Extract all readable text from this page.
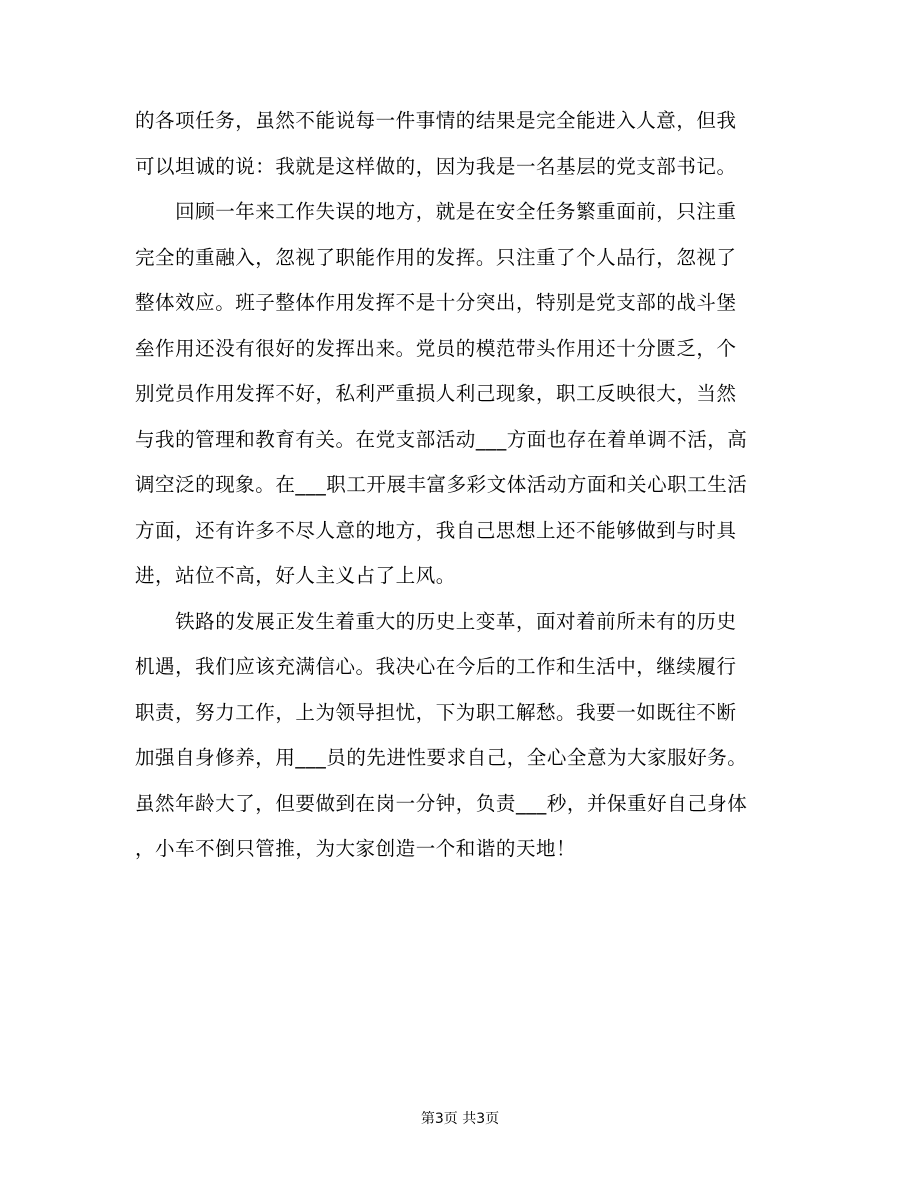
的各项任务，虽然不能说每一件事情的结果是完全能进入人意，但我
可以坦诚的说：我就是这样做的，因为我是一名基层的党支部书记。
　　回顾一年来工作失误的地方，就是在安全任务繁重面前，只注重
完全的重融入，忽视了职能作用的发挥。只注重了个人品行，忽视了
整体效应。班子整体作用发挥不是十分突出，特别是党支部的战斗堡
垒作用还没有很好的发挥出来。党员的模范带头作用还十分匮乏，个
别党员作用发挥不好，私利严重损人利己现象，职工反映很大，当然
与我的管理和教育有关。在党支部活动___方面也存在着单调不活，高
调空泛的现象。在___职工开展丰富多彩文体活动方面和关心职工生活
方面，还有许多不尽人意的地方，我自己思想上还不能够做到与时具
进，站位不高，好人主义占了上风。
　　铁路的发展正发生着重大的历史上变革，面对着前所未有的历史
机遇，我们应该充满信心。我决心在今后的工作和生活中，继续履行
职责，努力工作，上为领导担忧，下为职工解愁。我要一如既往不断
加强自身修养，用___员的先进性要求自己，全心全意为大家服好务。
虽然年龄大了，但要做到在岗一分钟，负责___秒，并保重好自己身体
，小车不倒只管推，为大家创造一个和谐的天地！
第3页 共3页
